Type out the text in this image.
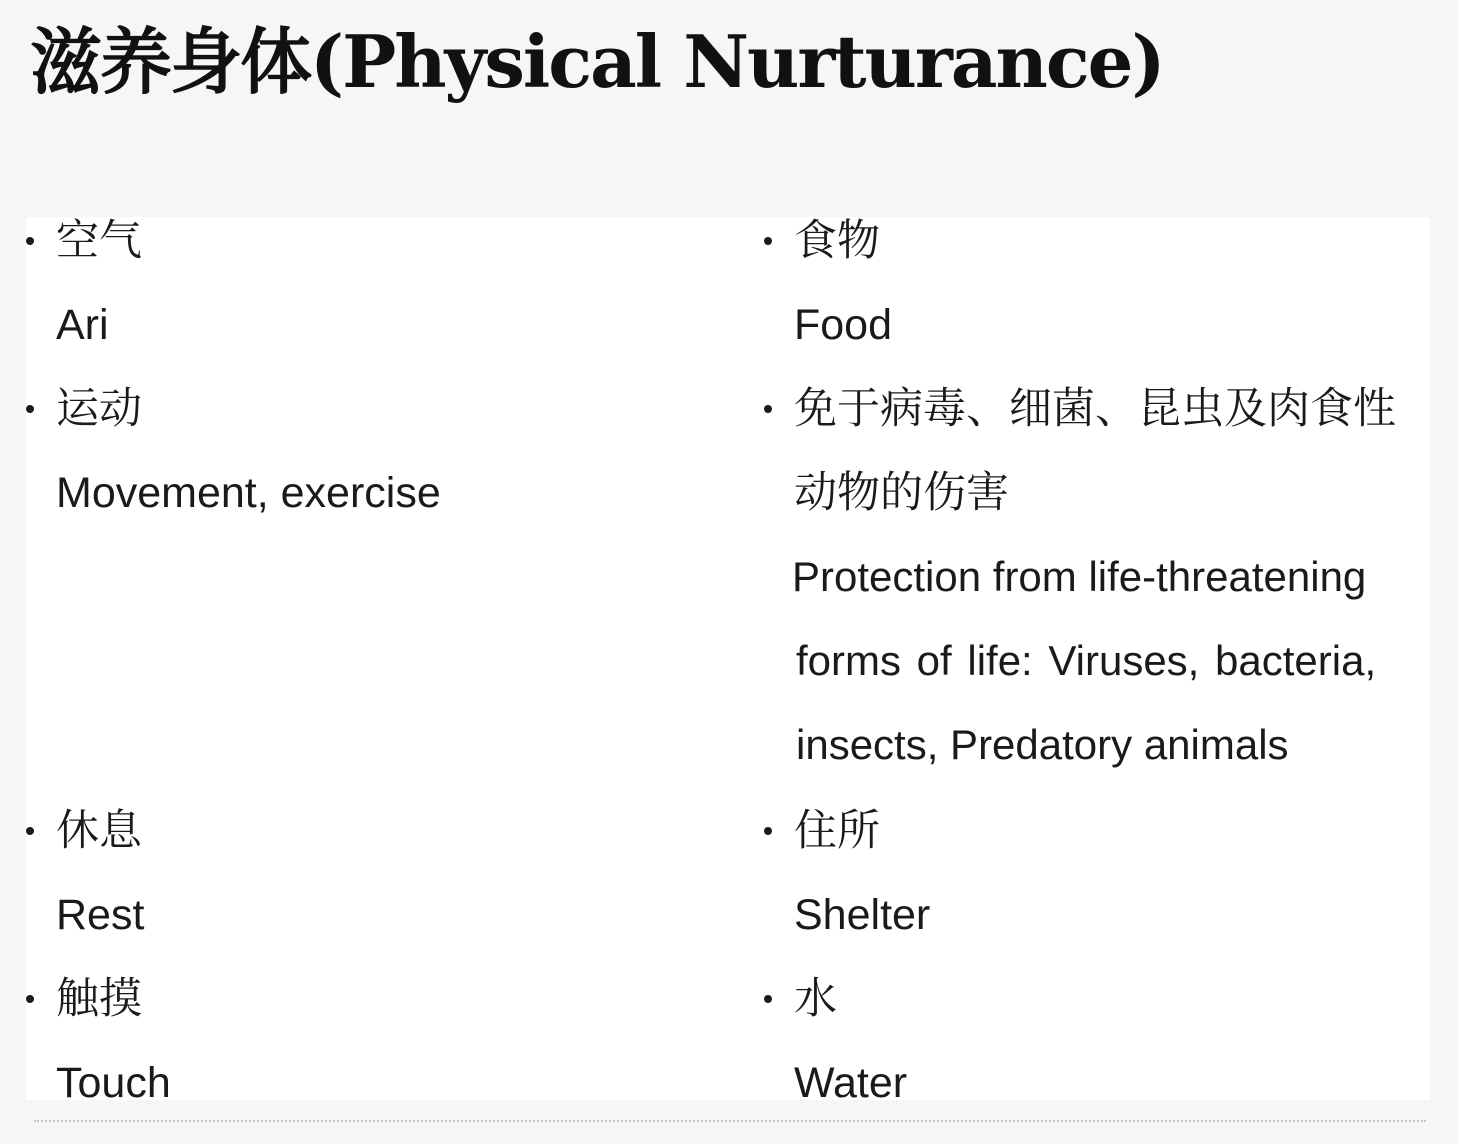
滋养身体(Physical Nurturance)
空气
Ari
运动
Movement, exercise
休息
Rest
触摸
Touch
食物
Food
免于病毒、细菌、昆虫及肉食性
动物的伤害
Protection from life-threatening
forms of life: Viruses, bacteria,
insects, Predatory animals
住所
Shelter
水
Water
